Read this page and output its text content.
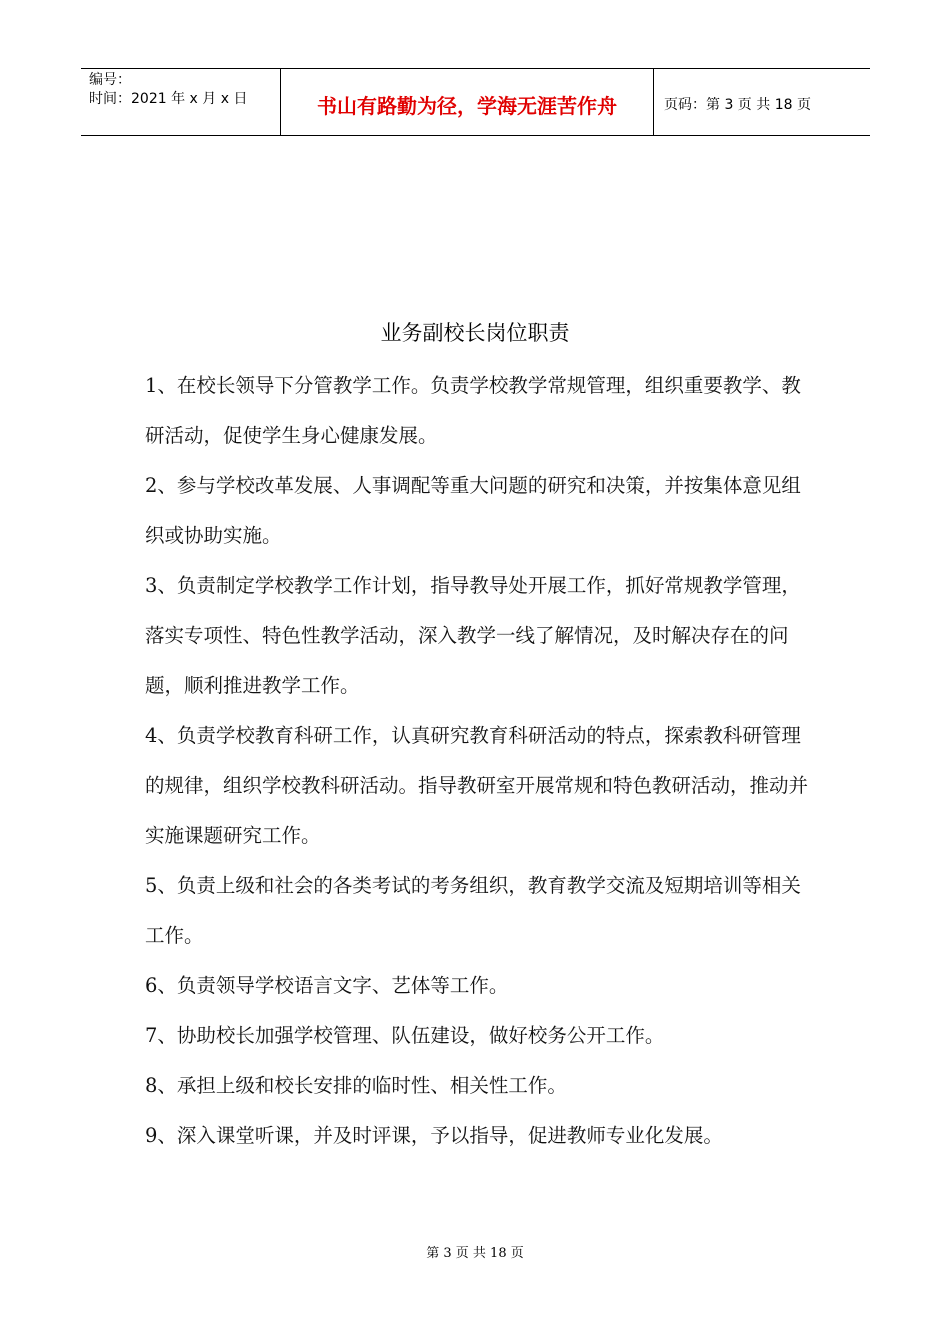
编号：
时间：2021 年 x 月 x 日	书山有路勤为径，学海无涯苦作舟	页码：第 3 页 共 18 页
业务副校长岗位职责

1、在校长领导下分管教学工作。负责学校教学常规管理，组织重要教学、教研活动，促使学生身心健康发展。

2、参与学校改革发展、人事调配等重大问题的研究和决策，并按集体意见组织或协助实施。

3、负责制定学校教学工作计划，指导教导处开展工作，抓好常规教学管理，落实专项性、特色性教学活动，深入教学一线了解情况，及时解决存在的问题，顺利推进教学工作。

4、负责学校教育科研工作，认真研究教育科研活动的特点，探索教科研管理的规律，组织学校教科研活动。指导教研室开展常规和特色教研活动，推动并实施课题研究工作。

5、负责上级和社会的各类考试的考务组织，教育教学交流及短期培训等相关工作。

6、负责领导学校语言文字、艺体等工作。

7、协助校长加强学校管理、队伍建设，做好校务公开工作。

8、承担上级和校长安排的临时性、相关性工作。

9、深入课堂听课，并及时评课，予以指导，促进教师专业化发展。

第 3 页 共 18 页
